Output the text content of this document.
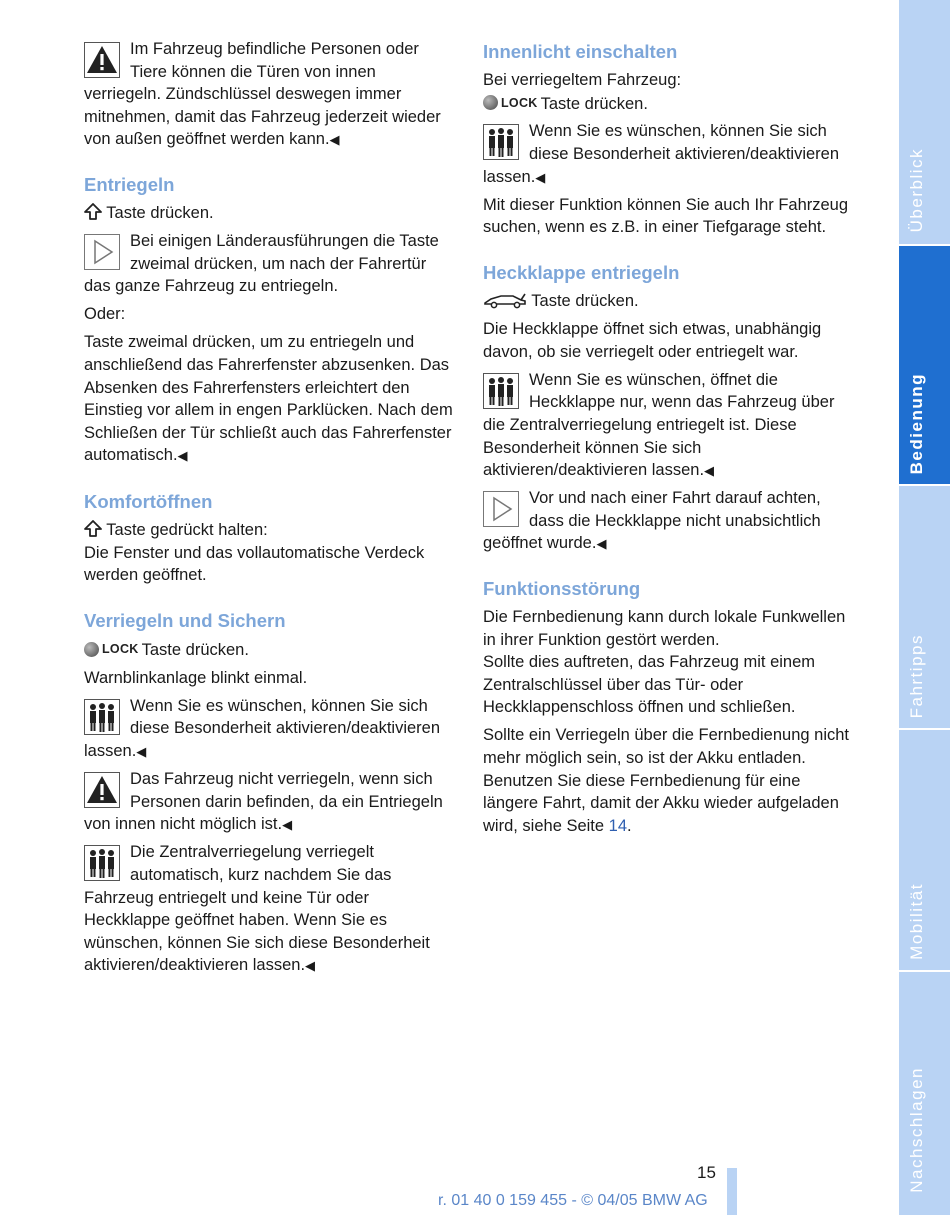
Im Fahrzeug befindliche Personen oder Tiere können die Türen von innen verriegeln. Zündschlüssel deswegen immer mitnehmen, damit das Fahrzeug jederzeit wieder von außen geöffnet werden kann.◀
Entriegeln
Taste drücken.
Bei einigen Länderausführungen die Taste zweimal drücken, um nach der Fahrertür das ganze Fahrzeug zu entriegeln.
Oder:
Taste zweimal drücken, um zu entriegeln und anschließend das Fahrerfenster abzusenken. Das Absenken des Fahrerfensters erleichtert den Einstieg vor allem in engen Parklücken. Nach dem Schließen der Tür schließt auch das Fahrerfenster automatisch.◀
Komfortöffnen
Taste gedrückt halten:
Die Fenster und das vollautomatische Verdeck werden geöffnet.
Verriegeln und Sichern
LOCK Taste drücken.
Warnblinkanlage blinkt einmal.
Wenn Sie es wünschen, können Sie sich diese Besonderheit aktivieren/deaktivieren lassen.◀
Das Fahrzeug nicht verriegeln, wenn sich Personen darin befinden, da ein Entriegeln von innen nicht möglich ist.◀
Die Zentralverriegelung verriegelt automatisch, kurz nachdem Sie das Fahrzeug entriegelt und keine Tür oder Heckklappe geöffnet haben. Wenn Sie es wünschen, können Sie sich diese Besonderheit aktivieren/deaktivieren lassen.◀
Innenlicht einschalten
Bei verriegeltem Fahrzeug:
LOCK Taste drücken.
Wenn Sie es wünschen, können Sie sich diese Besonderheit aktivieren/deaktivieren lassen.◀
Mit dieser Funktion können Sie auch Ihr Fahrzeug suchen, wenn es z.B. in einer Tiefgarage steht.
Heckklappe entriegeln
Taste drücken.
Die Heckklappe öffnet sich etwas, unabhängig davon, ob sie verriegelt oder entriegelt war.
Wenn Sie es wünschen, öffnet die Heckklappe nur, wenn das Fahrzeug über die Zentralverriegelung entriegelt ist. Diese Besonderheit können Sie sich aktivieren/deaktivieren lassen.◀
Vor und nach einer Fahrt darauf achten, dass die Heckklappe nicht unabsichtlich geöffnet wurde.◀
Funktionsstörung
Die Fernbedienung kann durch lokale Funkwellen in ihrer Funktion gestört werden.
Sollte dies auftreten, das Fahrzeug mit einem Zentralschlüssel über das Tür- oder Heckklappenschloss öffnen und schließen.
Sollte ein Verriegeln über die Fernbedienung nicht mehr möglich sein, so ist der Akku entladen. Benutzen Sie diese Fernbedienung für eine längere Fahrt, damit der Akku wieder aufgeladen wird, siehe Seite 14.
Überblick
Bedienung
Fahrtipps
Mobilität
Nachschlagen
15
r. 01 40 0 159 455 - © 04/05 BMW AG
